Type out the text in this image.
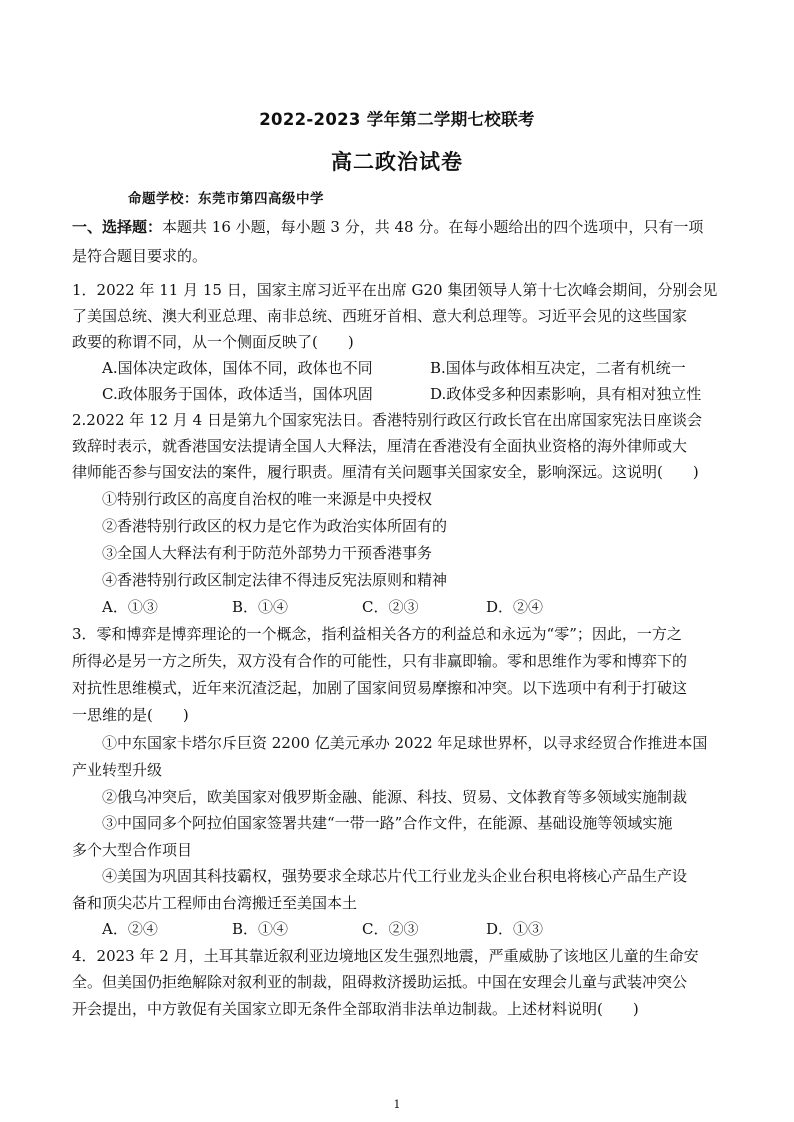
2022-2023 学年第二学期七校联考
高二政治试卷
命题学校：东莞市第四高级中学
一、选择题：本题共 16 小题，每小题 3 分，共 48 分。在每小题给出的四个选项中，只有一项
是符合题目要求的。
1．2022 年 11 月 15 日，国家主席习近平在出席 G20 集团领导人第十七次峰会期间，分别会见
了美国总统、澳大利亚总理、南非总统、西班牙首相、意大利总理等。习近平会见的这些国家
政要的称谓不同，从一个侧面反映了(　　)
A.国体决定政体，国体不同，政体也不同	B.国体与政体相互决定，二者有机统一
C.政体服务于国体，政体适当，国体巩固	D.政体受多种因素影响，具有相对独立性
2.2022 年 12 月 4 日是第九个国家宪法日。香港特别行政区行政长官在出席国家宪法日座谈会
致辞时表示，就香港国安法提请全国人大释法，厘清在香港没有全面执业资格的海外律师或大
律师能否参与国安法的案件，履行职责。厘清有关问题事关国家安全，影响深远。这说明(　　)
①特别行政区的高度自治权的唯一来源是中央授权
②香港特别行政区的权力是它作为政治实体所固有的
③全国人大释法有利于防范外部势力干预香港事务
④香港特别行政区制定法律不得违反宪法原则和精神
A．①③	B．①④	C．②③	D．②④
3．零和博弈是博弈理论的一个概念，指利益相关各方的利益总和永远为“零”；因此，一方之
所得必是另一方之所失，双方没有合作的可能性，只有非赢即输。零和思维作为零和博弈下的
对抗性思维模式，近年来沉渣泛起，加剧了国家间贸易摩擦和冲突。以下选项中有利于打破这
一思维的是(　　)
①中东国家卡塔尔斥巨资 2200 亿美元承办 2022 年足球世界杯，以寻求经贸合作推进本国
产业转型升级
②俄乌冲突后，欧美国家对俄罗斯金融、能源、科技、贸易、文体教育等多领域实施制裁
③中国同多个阿拉伯国家签署共建“一带一路”合作文件，在能源、基础设施等领域实施
多个大型合作项目
④美国为巩固其科技霸权，强势要求全球芯片代工行业龙头企业台积电将核心产品生产设
备和顶尖芯片工程师由台湾搬迁至美国本土
A．②④	B．①④	C．②③	D．①③
4．2023 年 2 月，土耳其靠近叙利亚边境地区发生强烈地震，严重威胁了该地区儿童的生命安
全。但美国仍拒绝解除对叙利亚的制裁，阻碍救济援助运抵。中国在安理会儿童与武装冲突公
开会提出，中方敦促有关国家立即无条件全部取消非法单边制裁。上述材料说明(　　)
1
